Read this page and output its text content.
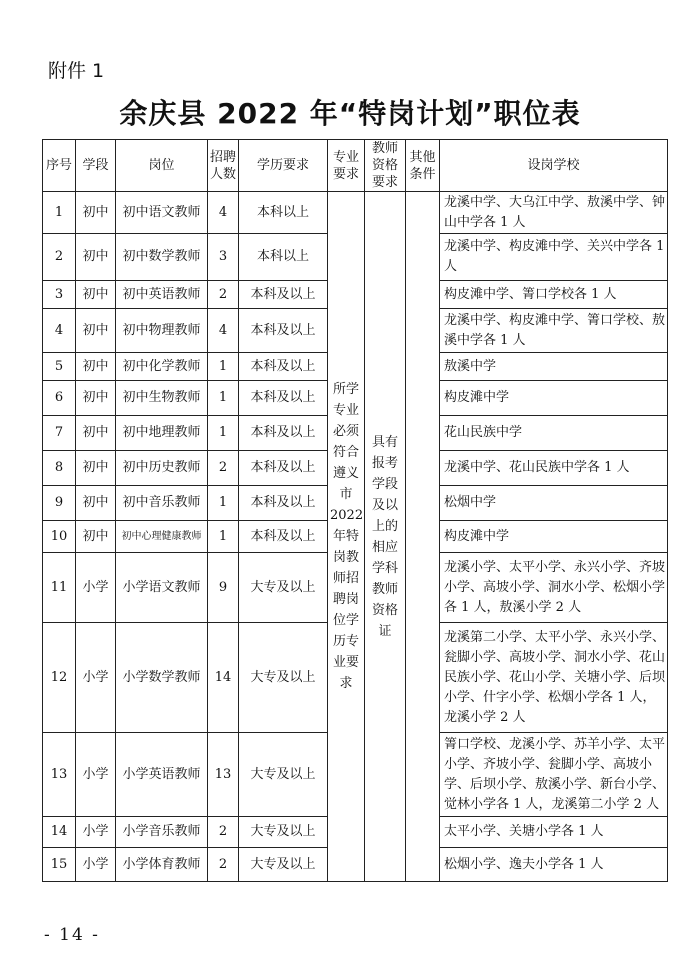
附件 1
余庆县 2022 年“特岗计划”职位表
序号	学段	岗位	招聘人数	学历要求	专业要求	教师资格要求	其他条件	设岗学校
1	初中	初中语文教师	4	本科以上	所学专业必须符合遵义市2022年特岗教师招聘岗位学历专业要求	具有报考学段及以上的相应学科教师资格证		龙溪中学、大乌江中学、敖溪中学、钟山中学各 1 人
2	初中	初中数学教师	3	本科以上				龙溪中学、构皮滩中学、关兴中学各 1 人
3	初中	初中英语教师	2	本科及以上				构皮滩中学、箐口学校各 1 人
4	初中	初中物理教师	4	本科及以上				龙溪中学、构皮滩中学、箐口学校、敖溪中学各 1 人
5	初中	初中化学教师	1	本科及以上				敖溪中学
6	初中	初中生物教师	1	本科及以上				构皮滩中学
7	初中	初中地理教师	1	本科及以上				花山民族中学
8	初中	初中历史教师	2	本科及以上				龙溪中学、花山民族中学各 1 人
9	初中	初中音乐教师	1	本科及以上				松烟中学
10	初中	初中心理健康教师	1	本科及以上				构皮滩中学
11	小学	小学语文教师	9	大专及以上				龙溪小学、太平小学、永兴小学、齐坡小学、高坡小学、洞水小学、松烟小学各 1 人，敖溪小学 2 人
12	小学	小学数学教师	14	大专及以上				龙溪第二小学、太平小学、永兴小学、瓮脚小学、高坡小学、洞水小学、花山民族小学、花山小学、关塘小学、后坝小学、什字小学、松烟小学各 1 人，龙溪小学 2 人
13	小学	小学英语教师	13	大专及以上				箐口学校、龙溪小学、苏羊小学、太平小学、齐坡小学、瓮脚小学、高坡小学、后坝小学、敖溪小学、新台小学、觉林小学各 1 人，龙溪第二小学 2 人
14	小学	小学音乐教师	2	大专及以上				太平小学、关塘小学各 1 人
15	小学	小学体育教师	2	大专及以上				松烟小学、逸夫小学各 1 人
- 14 -
